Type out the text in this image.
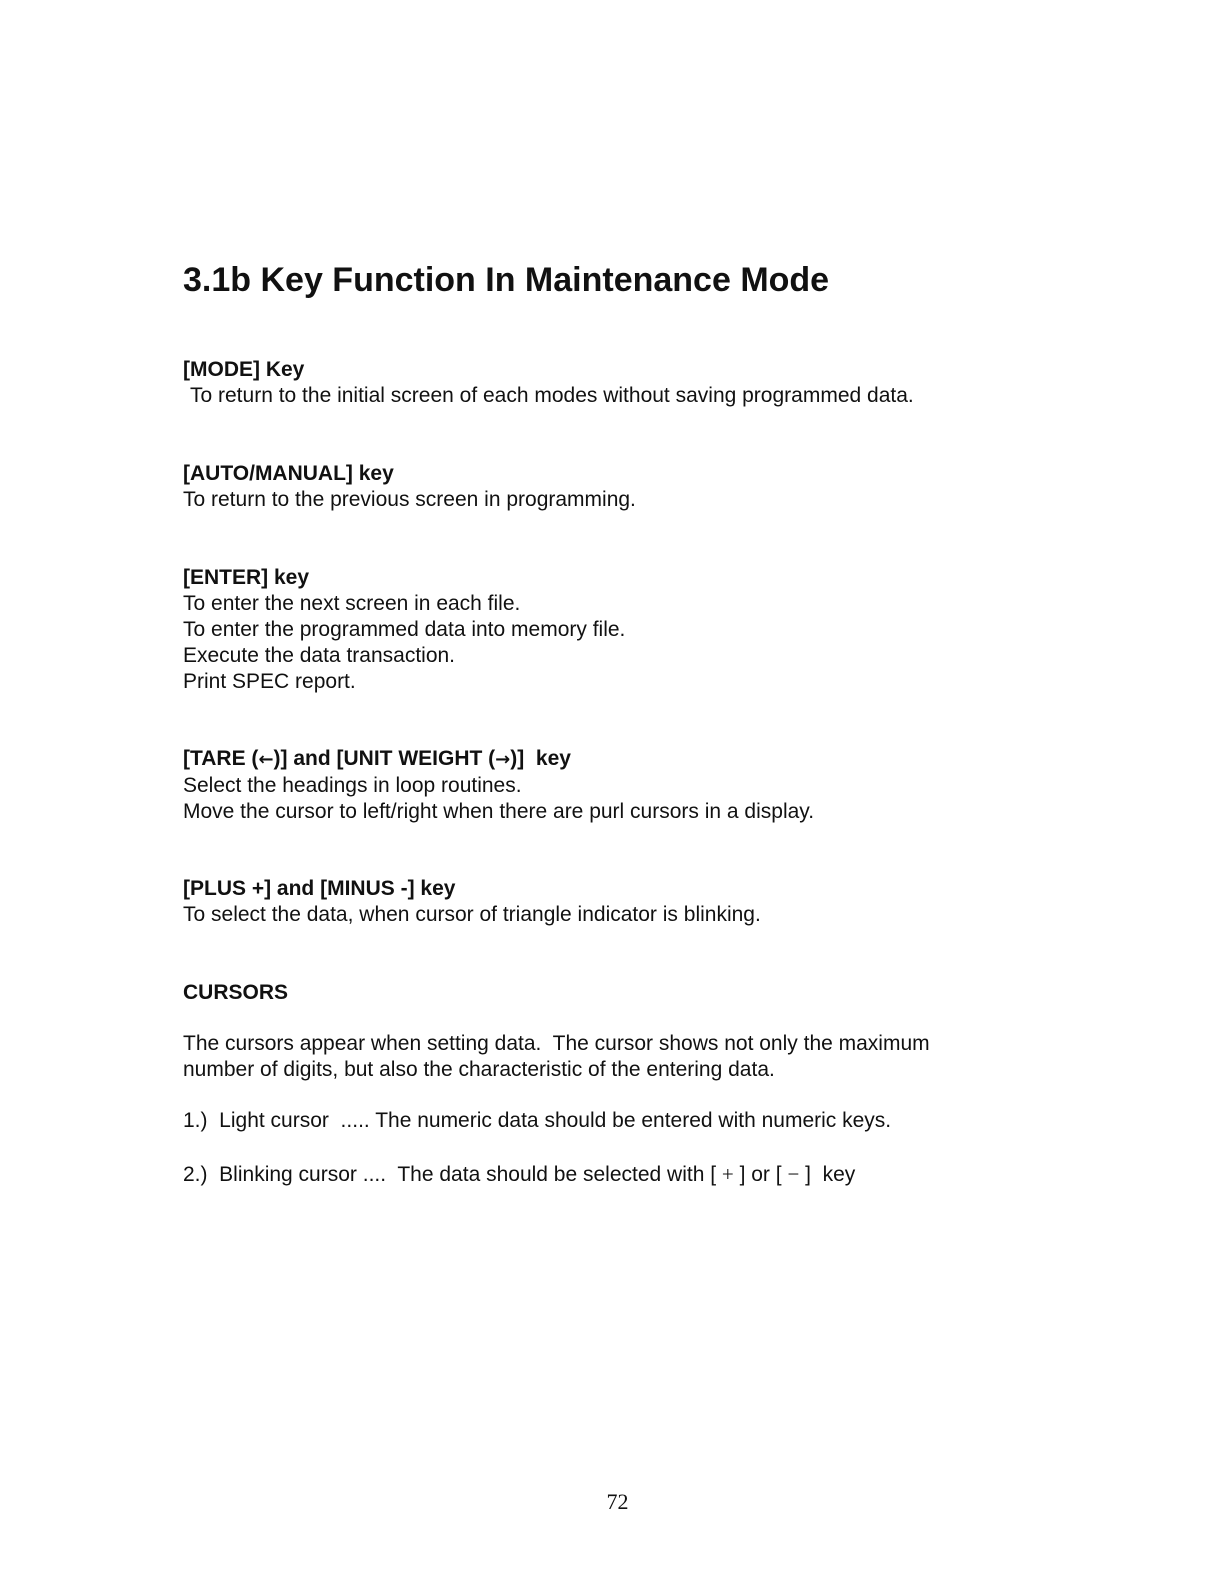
3.1b Key Function In Maintenance Mode
[MODE] Key
To return to the initial screen of each modes without saving programmed data.
[AUTO/MANUAL] key
To return to the previous screen in programming.
[ENTER] key
To enter the next screen in each file.
To enter the programmed data into memory file.
Execute the data transaction.
Print SPEC report.
[TARE (←)] and [UNIT WEIGHT (→)]  key
Select the headings in loop routines.
Move the cursor to left/right when there are purl cursors in a display.
[PLUS +] and [MINUS -] key
To select the data, when cursor of triangle indicator is blinking.
CURSORS
The cursors appear when setting data.  The cursor shows not only the maximum
number of digits, but also the characteristic of the entering data.
1.)  Light cursor  ..... The numeric data should be entered with numeric keys.
2.)  Blinking cursor ....  The data should be selected with [ + ] or [ − ]  key
72
